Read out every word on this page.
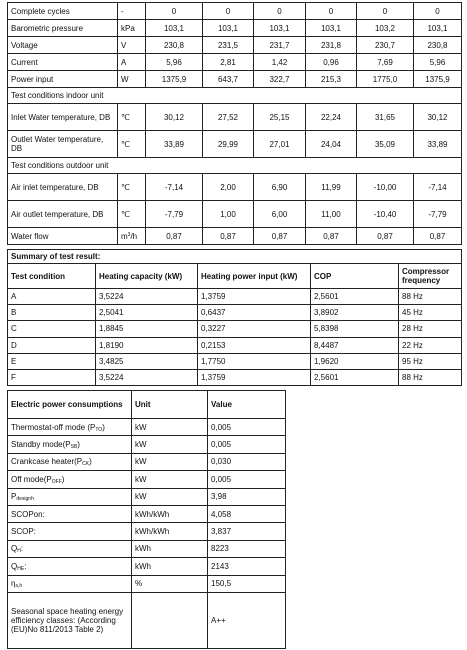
Complete cycles	-	0	0	0	0	0	0
Barometric pressure	kPa	103,1	103,1	103,1	103,1	103,2	103,1
Voltage	V	230,8	231,5	231,7	231,8	230,7	230,8
Current	A	5,96	2,81	1,42	0,96	7,69	5,96
Power input	W	1375,9	643,7	322,7	215,3	1775,0	1375,9
Test conditions indoor unit							
Inlet Water temperature, DB	℃	30,12	27,52	25,15	22,24	31,65	30,12
Outlet Water temperature, DB	℃	33,89	29,99	27,01	24,04	35,09	33,89
Test conditions outdoor unit							
Air inlet temperature, DB	℃	-7,14	2,00	6,90	11,99	-10,00	-7,14
Air outlet temperature, DB	℃	-7,79	1,00	6,00	11,00	-10,40	-7,79
Water flow	$m^3/h$	0,87	0,87	0,87	0,87	0,87	0,87
Summary of test result:				
Test condition	Heating capacity (kW)	Heating power input (kW)	COP	Compressor frequency
A	3,5224	1,3759	2,5601	88 Hz
B	2,5041	0,6437	3,8902	45 Hz
C	1,8845	0,3227	5,8398	28 Hz
D	1,8190	0,2153	8,4487	22 Hz
E	3,4825	1,7750	1,9620	95 Hz
F	3,5224	1,3759	2,5601	88 Hz
Electric power consumptions	Unit	Value
Thermostat-off mode $(P_{TO})$	kW	0,005
Standby $mode(P_{SB})$	kW	0,005
Crankcase $heater(P_{CK})$	kW	0,030
Off $mode(P_{OFF})$	kW	0,005
$P_{designh}$	kW	3,98
SCOPon:	kWh/kWh	4,058
SCOP:	kWh/kWh	3,837
$Q_H$:	kWh	8223
$Q_{HE}$:	kWh	2143
$\eta_{s,h}$	%	150,5
Seasonal space heating energy efficiency classes: (According (EU)No 811/2013 Table 2)		A++
